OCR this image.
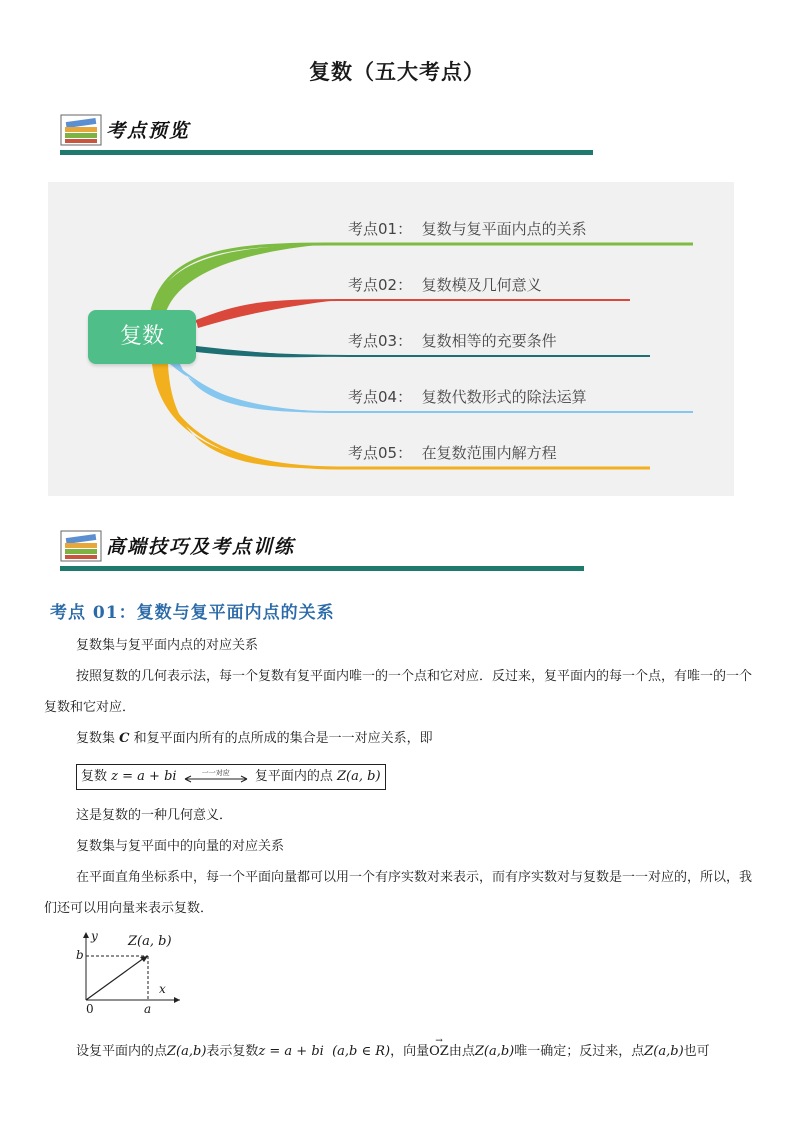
复数（五大考点）
考点预览
复数
考点01：  复数与复平面内点的关系
考点02：  复数模及几何意义
考点03：  复数相等的充要条件
考点04：  复数代数形式的除法运算
考点05：  在复数范围内解方程
高端技巧及考点训练
考点 01：复数与复平面内点的关系

复数集与复平面内点的对应关系

按照复数的几何表示法，每一个复数有复平面内唯一的一个点和它对应．反过来，复平面内的每一个点，有唯一的一个复数和它对应．

复数集 C 和复平面内所有的点所成的集合是一一对应关系，即

复数 z = a + bi	一一对应	复平面内的点 Z(a, b)

这是复数的一种几何意义．

复数集与复平面中的向量的对应关系

在平面直角坐标系中，每一个平面向量都可以用一个有序实数对来表示，而有序实数对与复数是一一对应的，所以，我们还可以用向量来表示复数．

y
x
0	a
b
Z(a, b)
设复平面内的点Z(a,b)表示复数z = a + bi (a,b ∈ R)，向量
→
OZ由点Z(a,b)唯一确定；反过来，点Z(a,b)也可
